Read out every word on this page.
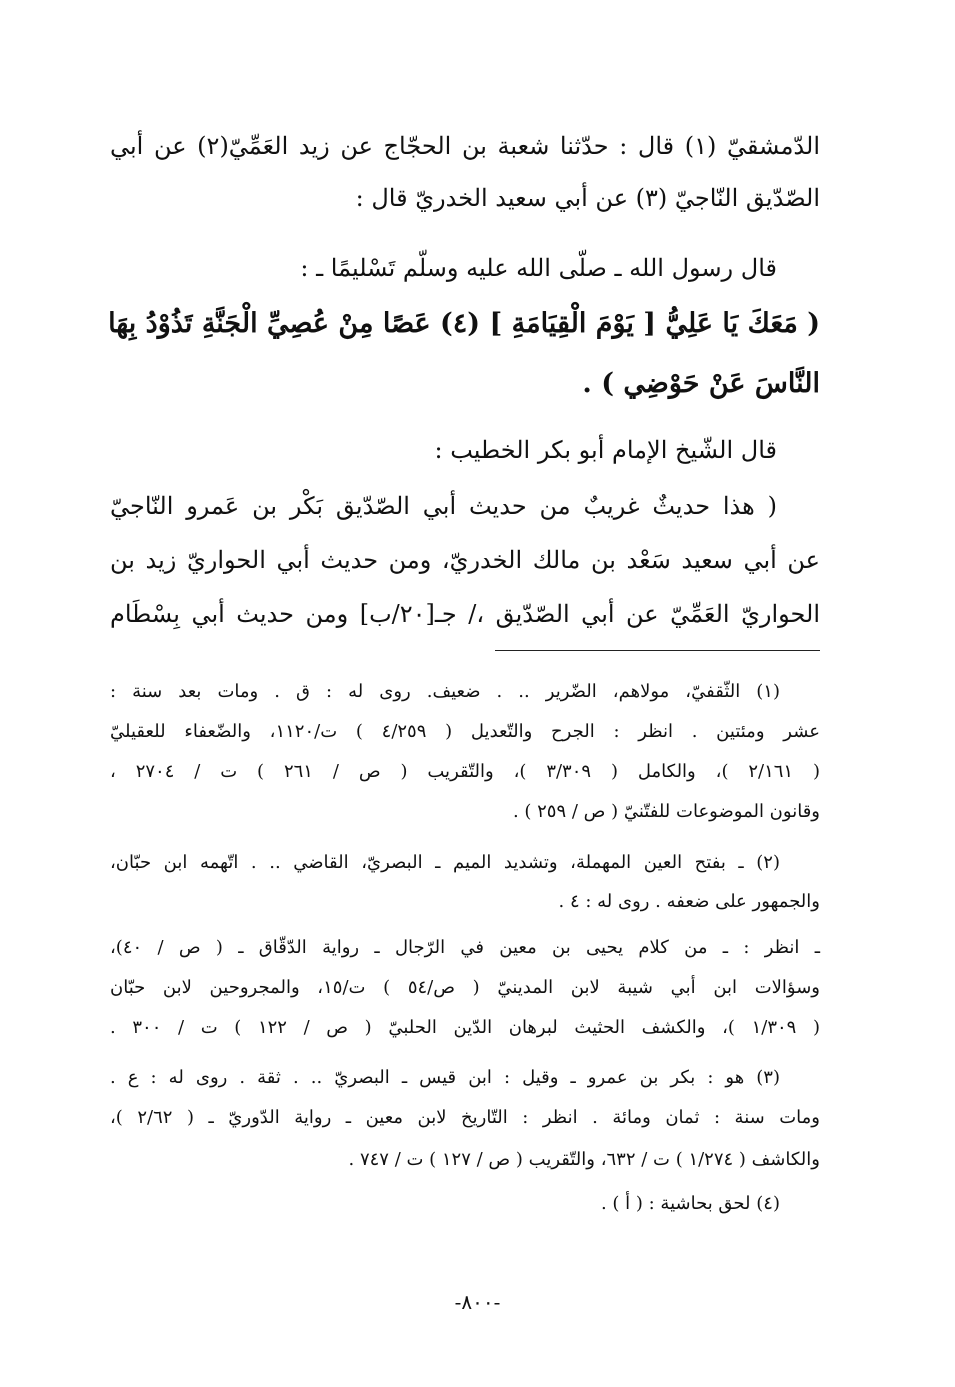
الدّمشقيّ (١) قال : حدّثنا شعبة بن الحجّاج عن زيد العَمِّيّ(٢) عن أبي
الصّدّيق النّاجيّ (٣) عن أبي سعيد الخدريّ قال :
قال رسول الله ـ صلّى الله عليه وسلّم تَسْليمًا ـ :
( مَعَكَ يَا عَلِيُّ [ يَوْمَ الْقِيَامَةِ ] (٤) عَصًا مِنْ عُصِيِّ الْجَنَّةِ تَذُوْدُ بِهَا
النَّاسَ عَنْ حَوْضِي ) .
قال الشّيخ الإمام أبو بكر الخطيب :
( هذا حديثٌ غريبٌ من حديث أبي الصّدّيق بَكْر بن عَمرو النّاجيّ
عن أبي سعيد سَعْد بن مالك الخدريّ، ومن حديث أبي الحواريّ زيد بن
الحواريّ العَمِّيّ عن أبي الصّدّيق ،/ جـ[٢٠/ب] ومن حديث أبي بِسْطَام
(١) الثّقفيّ، مولاهم، الضّرير .. . ضعيف. روى له : ق . ومات بعد سنة :
عشر ومئتين . انظر : الجرح والتّعديل ( ٤/٢٥٩ ) ت/١١٢٠، والضّعفاء للعقيليّ
( ٢/١٦١ )، والكامل ( ٣/٣٠٩ )، والتّقريب ( ص / ٢٦١ ) ت / ٢٧٠٤ ،
وقانون الموضوعات للفتّنيّ ( ص / ٢٥٩ ) .
(٢) ـ بفتح العين المهملة، وتشديد الميم ـ البصريّ، القاضي .. . اتّهمه ابن حبّان،
والجمهور على ضعفه . روى له : ٤ .
ـ انظر : ـ من كلام يحيى بن معين في الرّجال ـ رواية الدّقّاق ـ ( ص / ٤٠)،
وسؤالات ابن أبي شيبة لابن المدينيّ ( ص/٥٤ ) ت/١٥، والمجروحين لابن حبّان
( ١/٣٠٩ )، والكشف الحثيث لبرهان الدّين الحلبيّ ( ص / ١٢٢ ) ت / ٣٠٠ .
(٣) هو : بكر بن عمرو ـ وقيل : ابن قيس ـ البصريّ .. . ثقة . روى له : ع .
ومات سنة : ثمان ومائة . انظر : التّاريخ لابن معين ـ رواية الدّوريّ ـ ( ٢/٦٢ )،
والكاشف ( ١/٢٧٤ ) ت / ٦٣٢، والتّقريب ( ص / ١٢٧ ) ت / ٧٤٧ .
(٤) لحق بحاشية : ( أ ) .
-٨٠٠-
